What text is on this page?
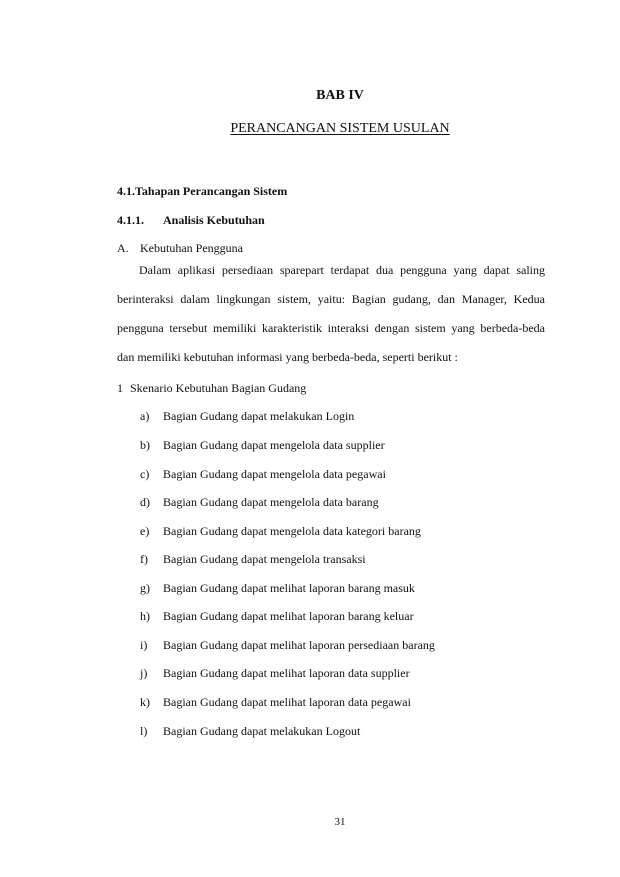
BAB IV
PERANCANGAN SISTEM USULAN
4.1.Tahapan Perancangan Sistem
4.1.1. Analisis Kebutuhan
A. Kebutuhan Pengguna
Dalam aplikasi persediaan sparepart terdapat dua pengguna yang dapat saling
berinteraksi dalam lingkungan sistem, yaitu: Bagian gudang, dan Manager, Kedua
pengguna tersebut memiliki karakteristik interaksi dengan sistem yang berbeda-beda
dan memiliki kebutuhan informasi yang berbeda-beda, seperti berikut :
1 Skenario Kebutuhan Bagian Gudang
a) Bagian Gudang dapat melakukan Login
b) Bagian Gudang dapat mengelola data supplier
c) Bagian Gudang dapat mengelola data pegawai
d) Bagian Gudang dapat mengelola data barang
e) Bagian Gudang dapat mengelola data kategori barang
f) Bagian Gudang dapat mengelola transaksi
g) Bagian Gudang dapat melihat laporan barang masuk
h) Bagian Gudang dapat melihat laporan barang keluar
i) Bagian Gudang dapat melihat laporan persediaan barang
j) Bagian Gudang dapat melihat laporan data supplier
k) Bagian Gudang dapat melihat laporan data pegawai
l) Bagian Gudang dapat melakukan Logout
31
